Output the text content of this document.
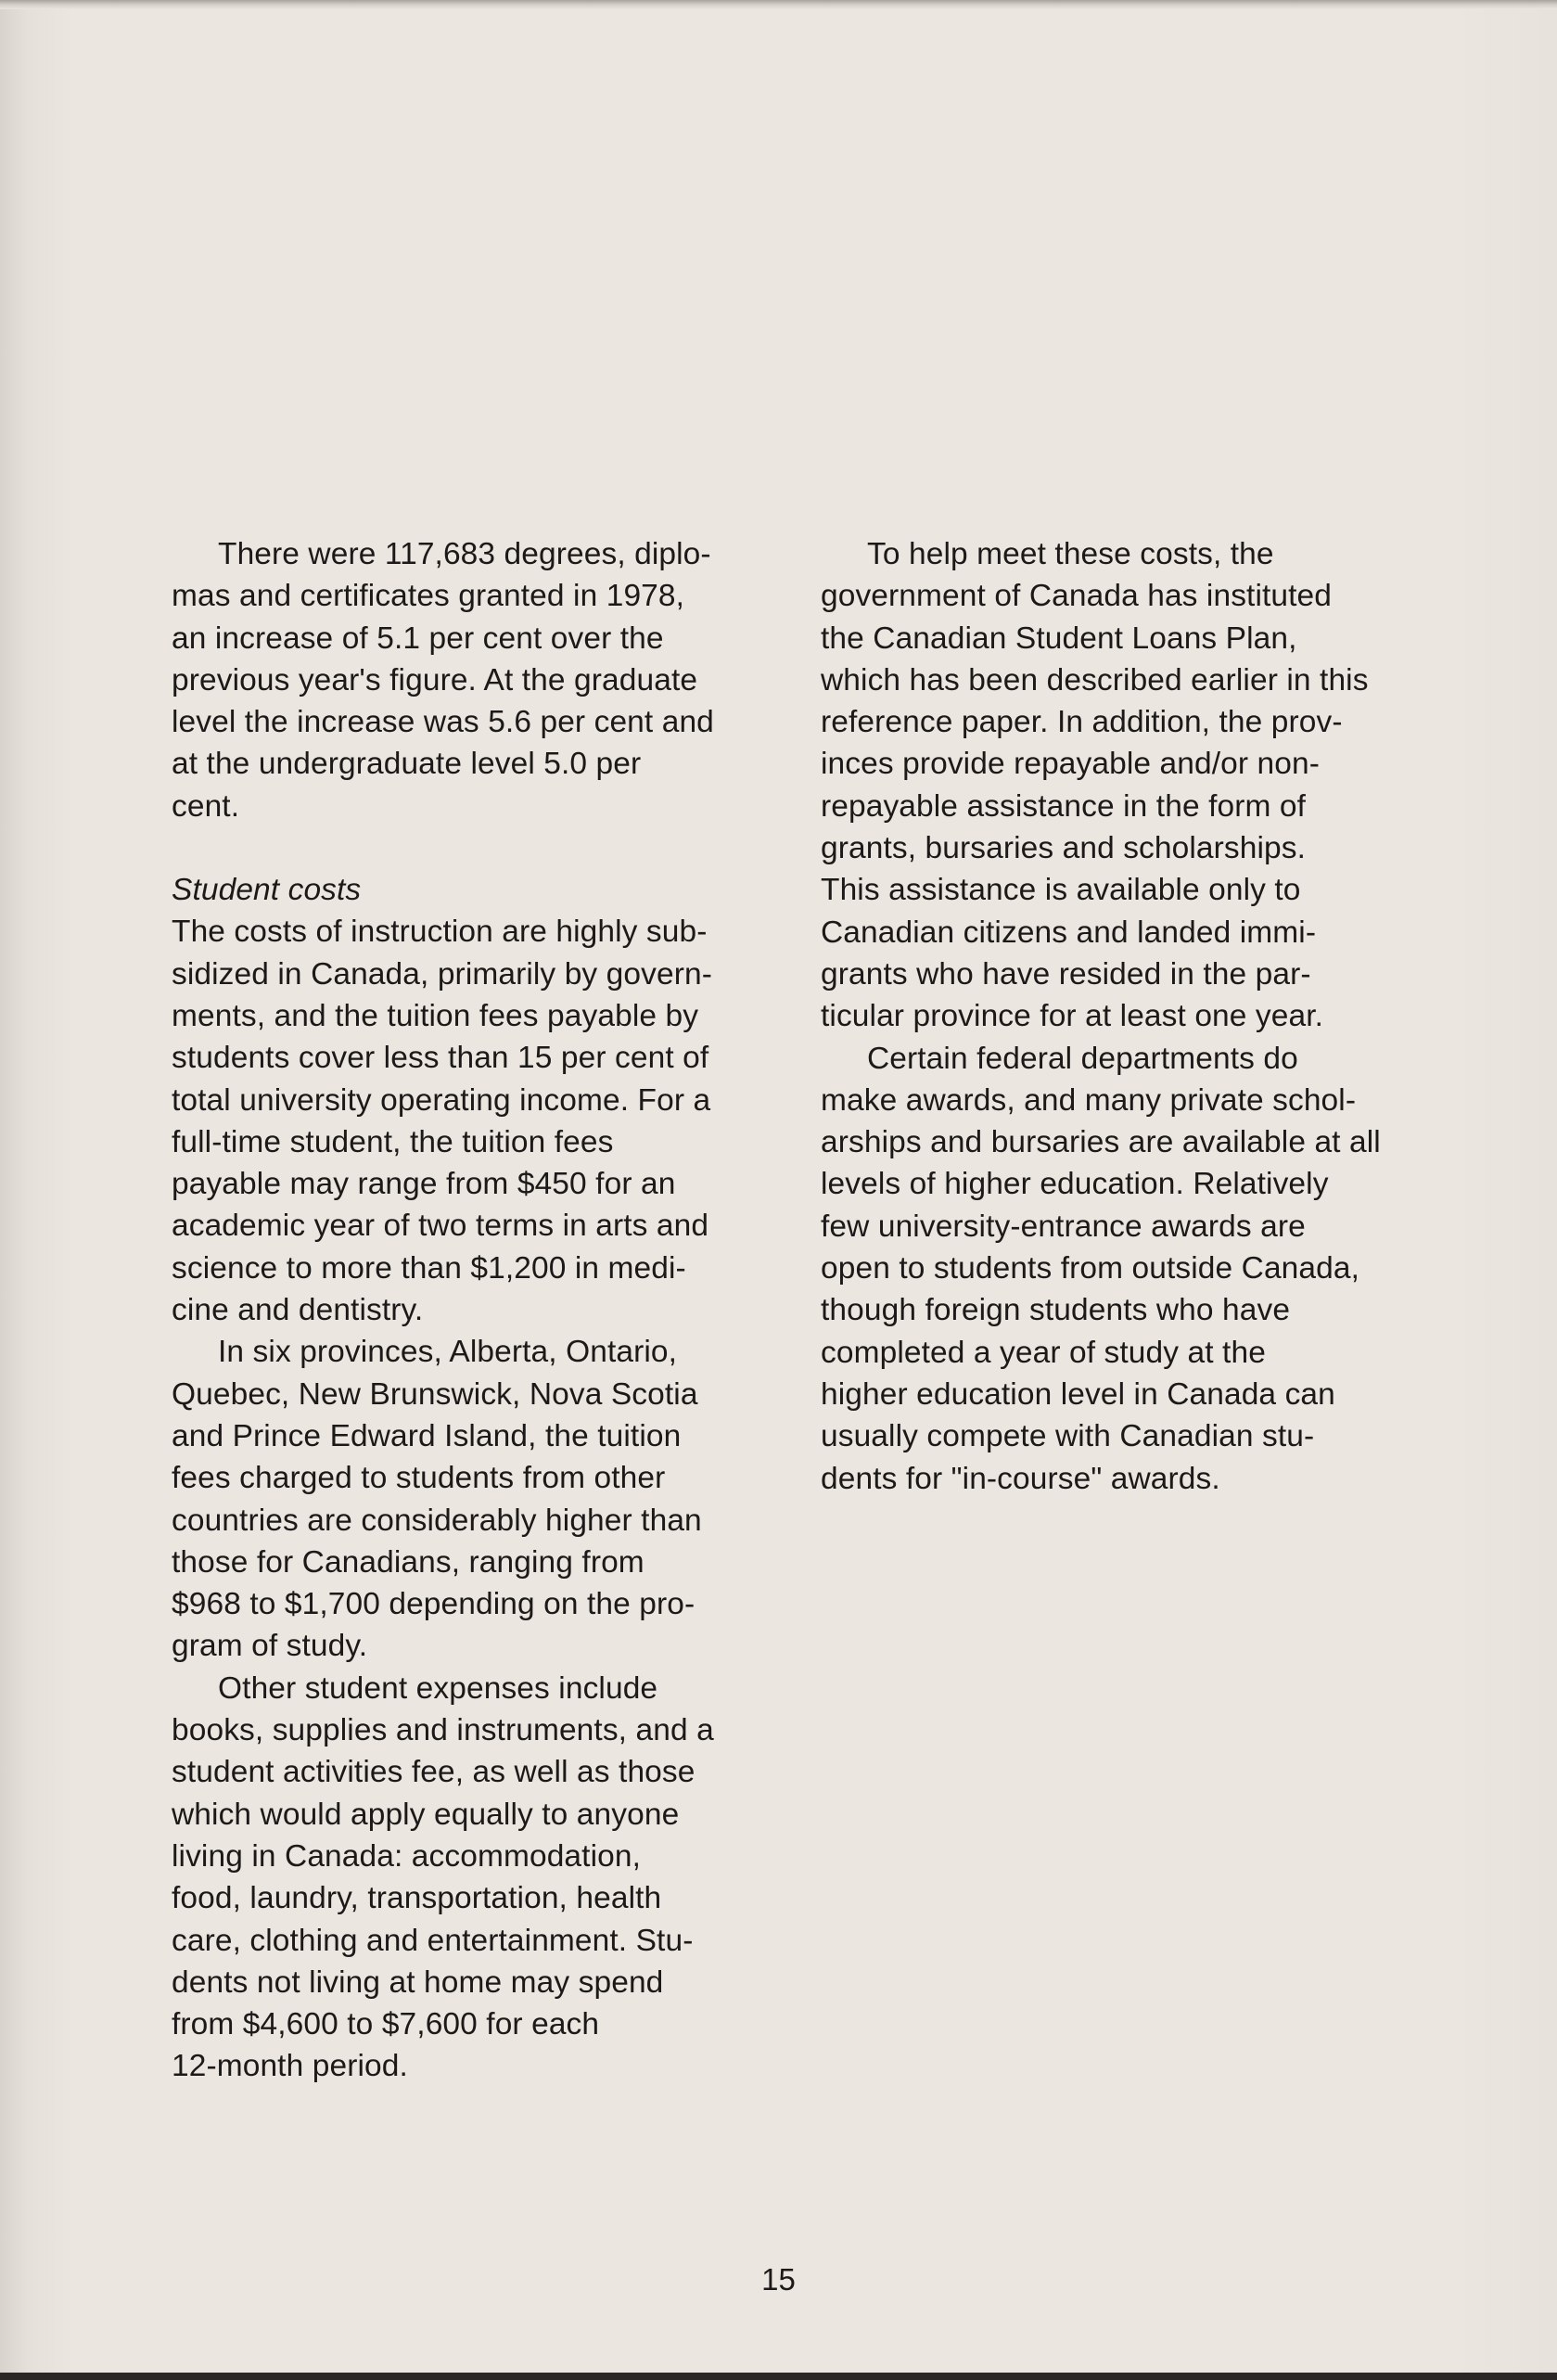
There were 117,683 degrees, diplo-
mas and certificates granted in 1978,
an increase of 5.1 per cent over the
previous year's figure. At the graduate
level the increase was 5.6 per cent and
at the undergraduate level 5.0 per
cent.
Student costs
The costs of instruction are highly sub-
sidized in Canada, primarily by govern-
ments, and the tuition fees payable by
students cover less than 15 per cent of
total university operating income. For a
full-time student, the tuition fees
payable may range from $450 for an
academic year of two terms in arts and
science to more than $1,200 in medi-
cine and dentistry.
In six provinces, Alberta, Ontario,
Quebec, New Brunswick, Nova Scotia
and Prince Edward Island, the tuition
fees charged to students from other
countries are considerably higher than
those for Canadians, ranging from
$968 to $1,700 depending on the pro-
gram of study.
Other student expenses include
books, supplies and instruments, and a
student activities fee, as well as those
which would apply equally to anyone
living in Canada: accommodation,
food, laundry, transportation, health
care, clothing and entertainment. Stu-
dents not living at home may spend
from $4,600 to $7,600 for each
12-month period.
To help meet these costs, the
government of Canada has instituted
the Canadian Student Loans Plan,
which has been described earlier in this
reference paper. In addition, the prov-
inces provide repayable and/or non-
repayable assistance in the form of
grants, bursaries and scholarships.
This assistance is available only to
Canadian citizens and landed immi-
grants who have resided in the par-
ticular province for at least one year.
Certain federal departments do
make awards, and many private schol-
arships and bursaries are available at all
levels of higher education. Relatively
few university-entrance awards are
open to students from outside Canada,
though foreign students who have
completed a year of study at the
higher education level in Canada can
usually compete with Canadian stu-
dents for "in-course" awards.
15
